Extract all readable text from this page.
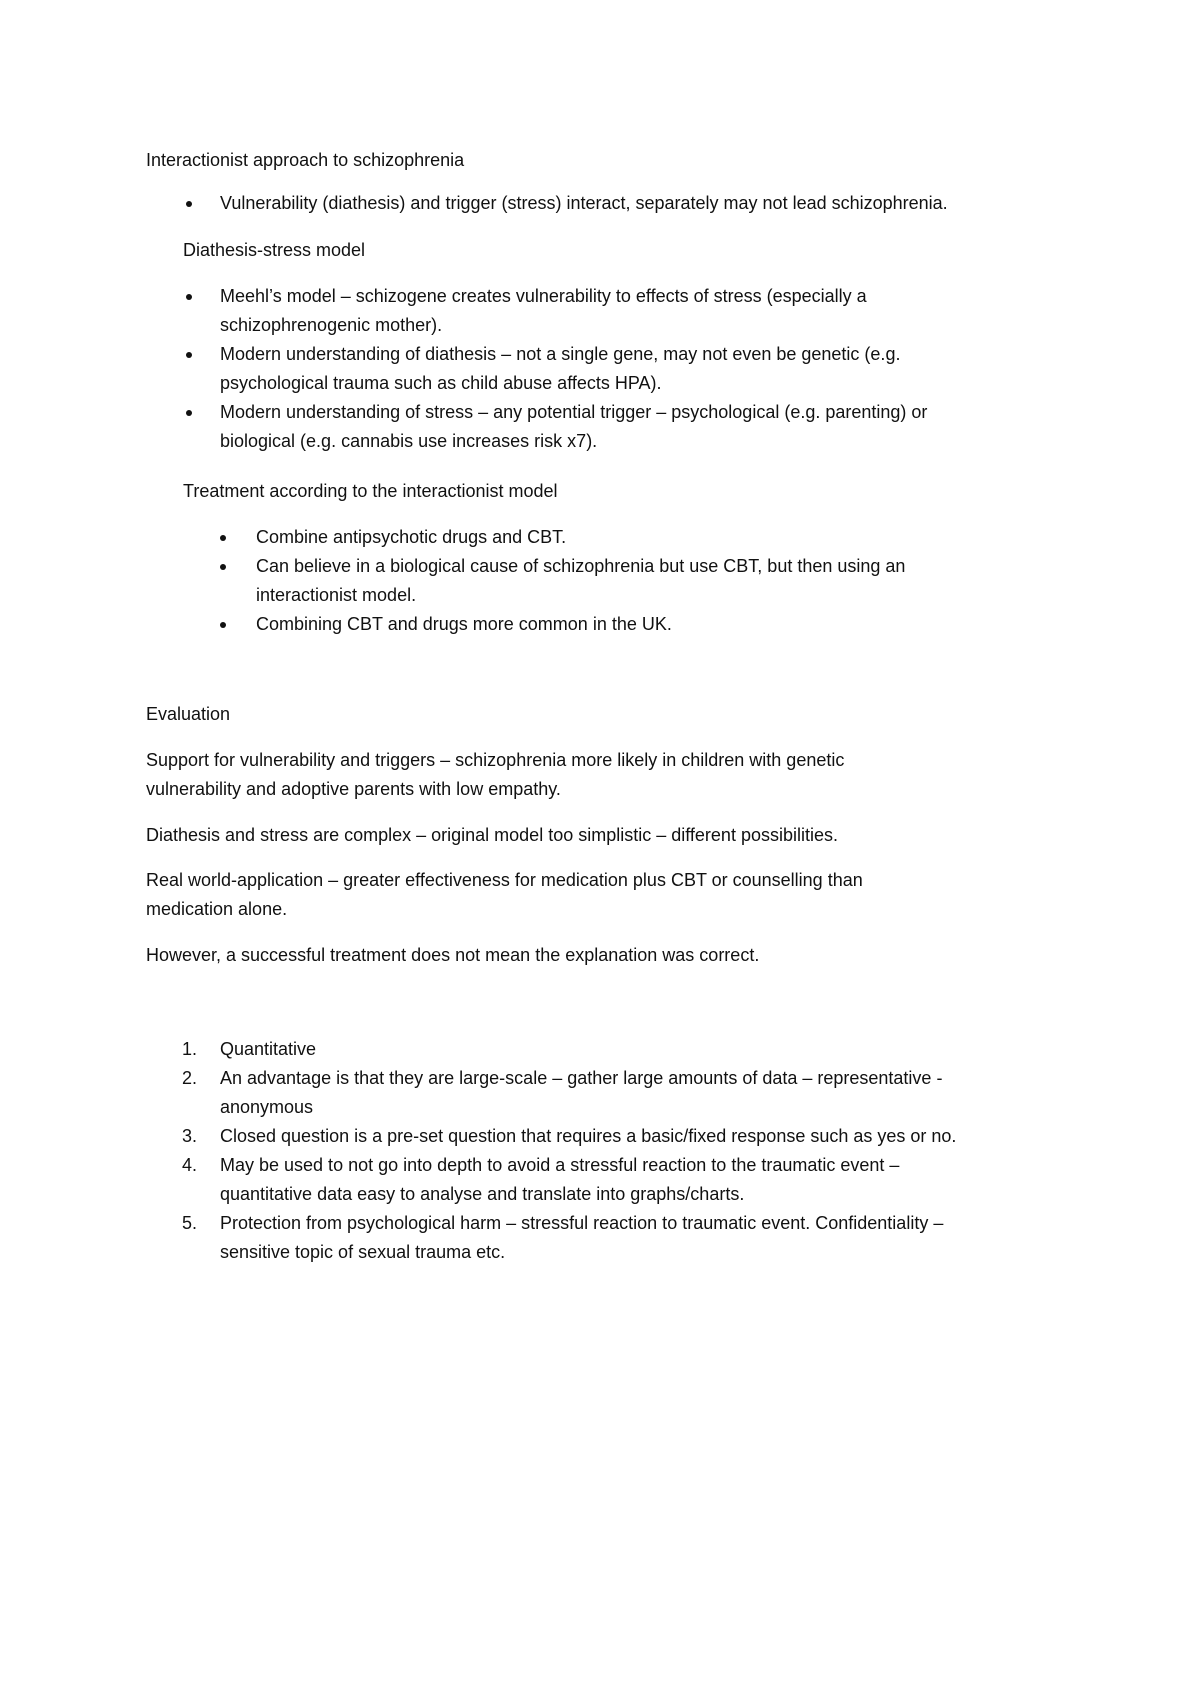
Interactionist approach to schizophrenia

Vulnerability (diathesis) and trigger (stress) interact, separately may not lead schizophrenia.

Diathesis-stress model

Meehl’s model – schizogene creates vulnerability to effects of stress (especially a
schizophrenogenic mother).
Modern understanding of diathesis – not a single gene, may not even be genetic (e.g.
psychological trauma such as child abuse affects HPA).
Modern understanding of stress – any potential trigger – psychological (e.g. parenting) or
biological (e.g. cannabis use increases risk x7).

Treatment according to the interactionist model

Combine antipsychotic drugs and CBT.
Can believe in a biological cause of schizophrenia but use CBT, but then using an
interactionist model.
Combining CBT and drugs more common in the UK.

Evaluation

Support for vulnerability and triggers – schizophrenia more likely in children with genetic
vulnerability and adoptive parents with low empathy.
Diathesis and stress are complex – original model too simplistic – different possibilities.
Real world-application – greater effectiveness for medication plus CBT or counselling than
medication alone.
However, a successful treatment does not mean the explanation was correct.
1.	Quantitative
2.	An advantage is that they are large-scale – gather large amounts of data – representative -
anonymous
3.	Closed question is a pre-set question that requires a basic/fixed response such as yes or no.
4.	May be used to not go into depth to avoid a stressful reaction to the traumatic event –
quantitative data easy to analyse and translate into graphs/charts.
5.	Protection from psychological harm – stressful reaction to traumatic event. Confidentiality –
sensitive topic of sexual trauma etc.
